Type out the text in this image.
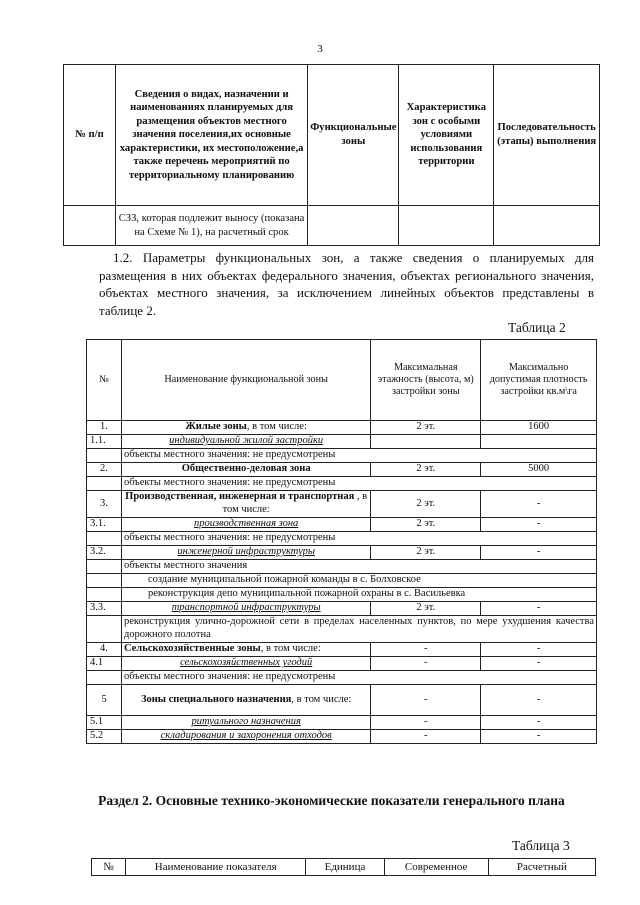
3
№ п/п	Сведения о видах, назначении и наименованиях планируемых для размещения объектов местного значения поселения,их основные характеристики, их местоположение,а также перечень мероприятий по территориальному планированию	Функциональные зоны	Характеристика зон с особыми условиями использования территории	Последовательность (этапы) выполнения
	СЗЗ, которая подлежит выносу (показана на Схеме № 1), на расчетный срок			
1.2. Параметры функциональных зон, а также сведения о планируемых для размещения в них объектах федерального значения, объектах регионального значения, объектах местного значения, за исключением линейных объектов представлены в таблице 2.
Таблица 2
№	Наименование функциональной зоны	Максимальная этажность (высота, м) застройки зоны	Максимально допустимая плотность застройки кв.м\га
1.	Жилые зоны, в том числе:	2 эт.	1600
1.1.	индивидуальной жилой застройки		
	объекты местного значения: не предусмотрены		
2.	Общественно-деловая зона	2 эт.	5000
	объекты местного значения: не предусмотрены		
3.	Производственная, инженерная и транспортная , в том числе:	2 эт.	-
3.1.	производственная зона	2 эт.	-
	объекты местного значения: не предусмотрены		
3.2.	инженерной инфраструктуры	2 эт.	-
	объекты местного значения		
	создание муниципальной пожарной команды в с. Болховское		
	реконструкция депо муниципальной пожарной охраны в с. Васильевка		
3.3.	транспортной инфраструктуры	2 эт.	-
	реконструкция улично-дорожной сети в пределах населенных пунктов, по мере ухудшения качества дорожного полотна		
4.	Сельскохозяйственные зоны, в том числе:	-	-
4.1	сельскохозяйственных угодий	-	-
	объекты местного значения: не предусмотрены		
5	Зоны специального назначения, в том числе:	-	-
5.1	ритуального назначения	-	-
5.2	складирования и захоронения отходов	-	-
Раздел 2. Основные технико-экономические показатели генерального плана
Таблица 3
№	Наименование показателя	Единица	Современное	Расчетный
